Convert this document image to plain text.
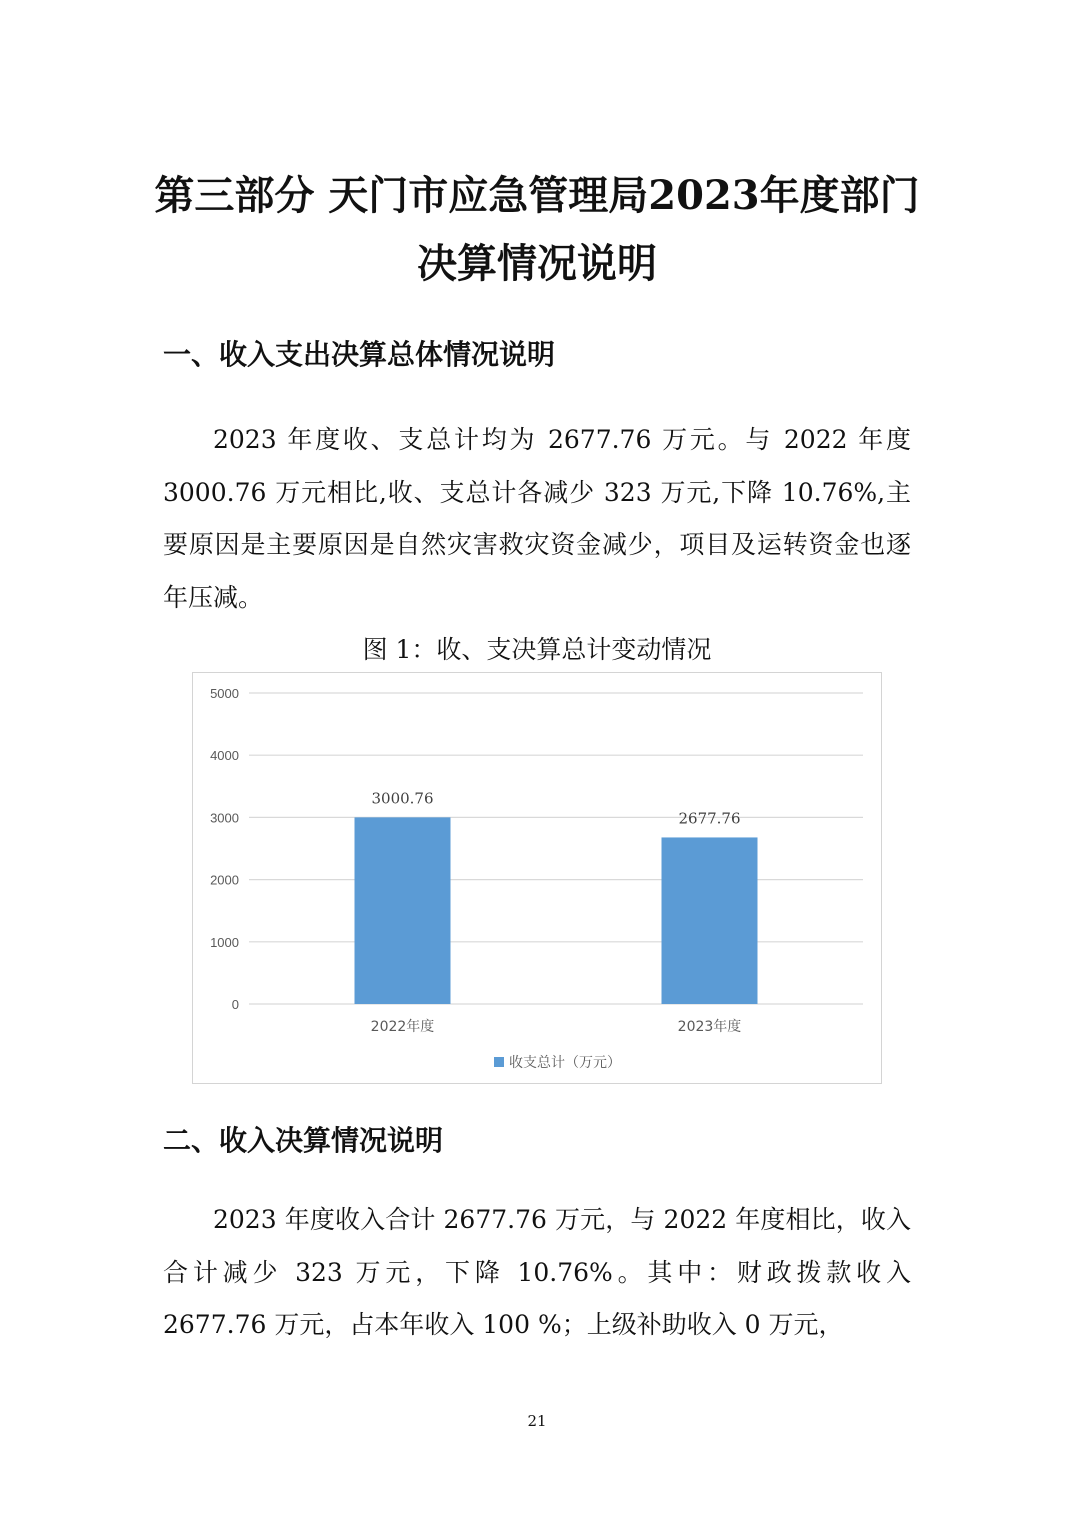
第三部分 天门市应急管理局2023年度部门
决算情况说明
一、收入支出决算总体情况说明

2023 年度收、支总计均为 2677.76 万元。与 2022 年度 3000.76 万元相比,收、支总计各减少 323 万元,下降 10.76%,主要原因是主要原因是自然灾害救灾资金减少，项目及运转资金也逐年压减。

图 1：收、支决算总计变动情况
0
1000
2000
3000
4000
5000
3000.76
2022年度
2677.76
2023年度
收支总计（万元）
二、收入决算情况说明

2023 年度收入合计 2677.76 万元，与 2022 年度相比，收入合计减少 323 万元，下降 10.76%。其中：财政拨款收入 2677.76 万元，占本年收入 100 %；上级补助收入 0 万元，

21
